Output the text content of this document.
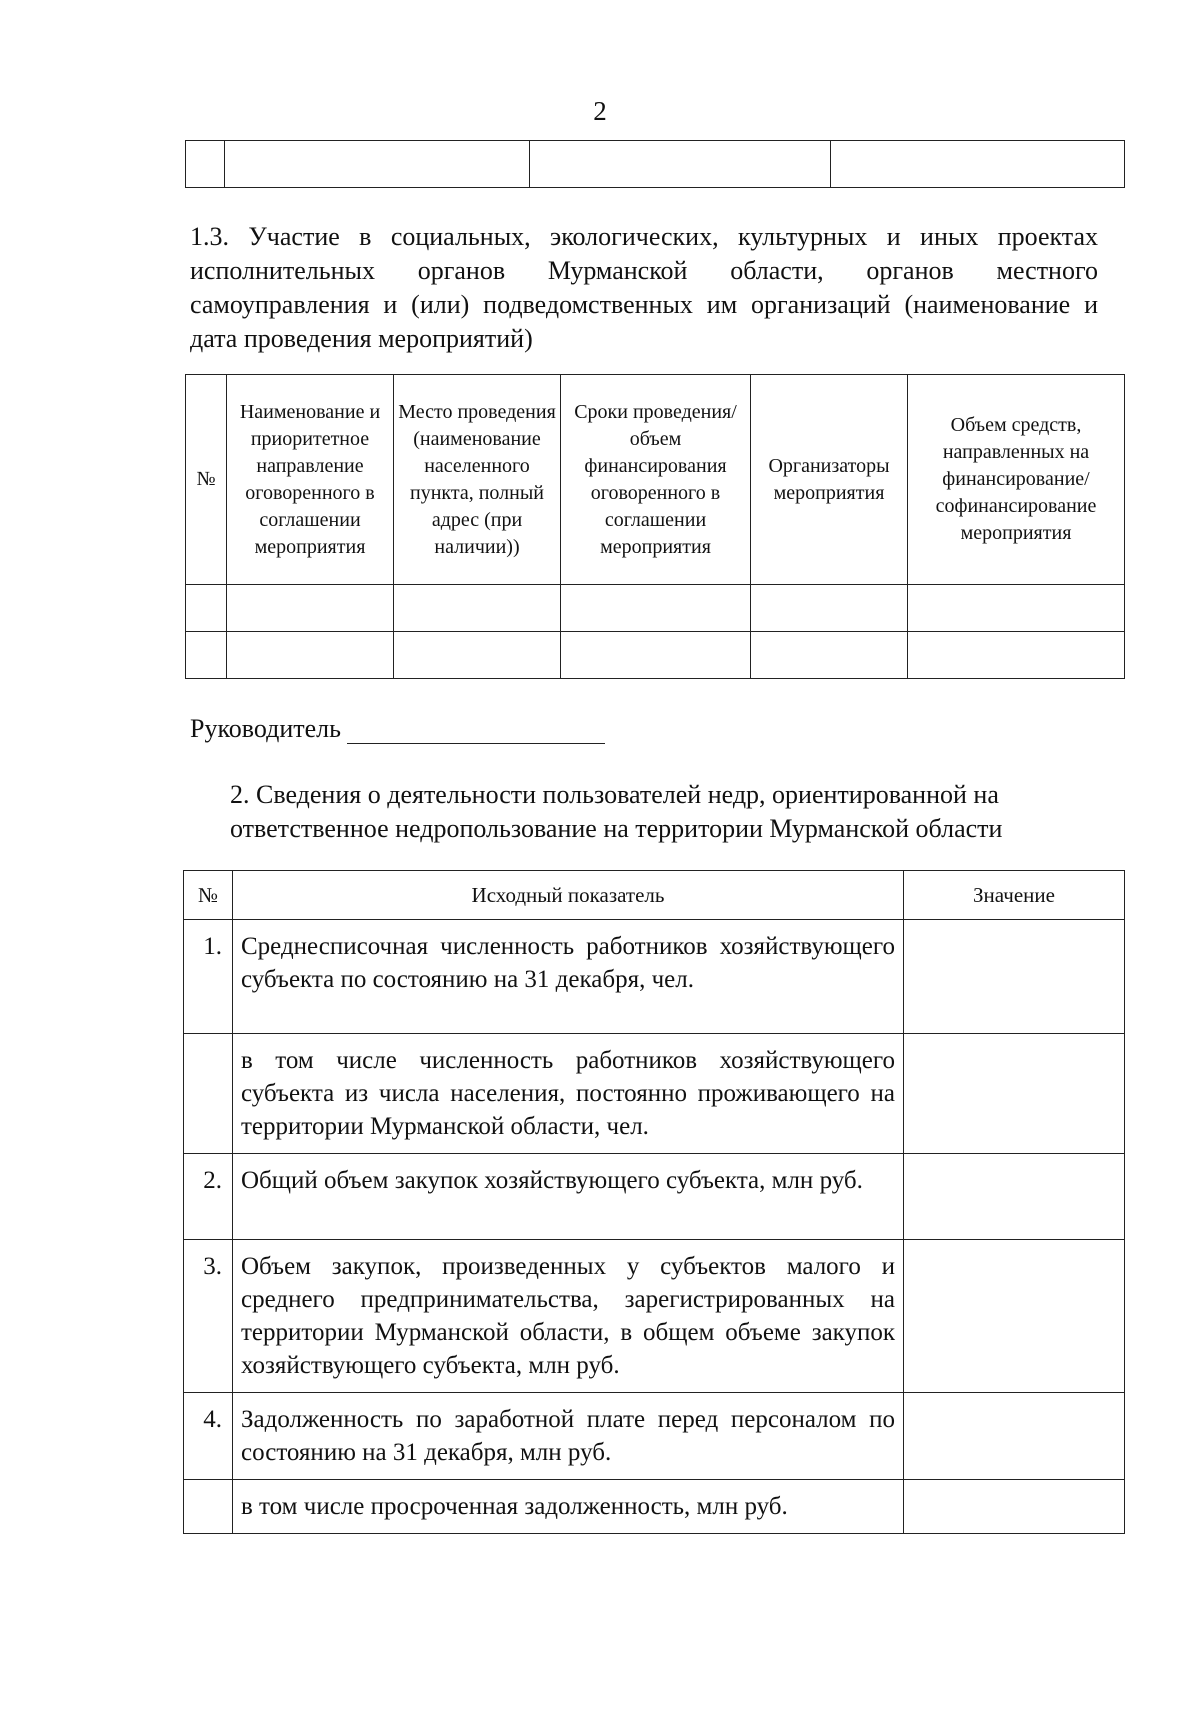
2

1.3. Участие в социальных, экологических, культурных и иных проектах исполнительных органов Мурманской области, органов местного самоуправления и (или) подведомственных им организаций (наименование и дата проведения мероприятий)

№	Наименование и приоритетное направление оговоренного в соглашении мероприятия	Место проведения (наименование населенного пункта, полный адрес (при наличии))	Сроки проведения/ объем финансирования оговоренного в соглашении мероприятия	Организаторы мероприятия	Объем средств, направленных на финансирование/ софинансирование мероприятия

Руководитель

2. Сведения о деятельности пользователей недр, ориентированной на ответственное недропользование на территории Мурманской области

№	Исходный показатель	Значение
1.	Среднесписочная численность работников хозяйствующего субъекта по состоянию на 31 декабря, чел.	
	в том числе численность работников хозяйствующего субъекта из числа населения, постоянно проживающего на территории Мурманской области, чел.	
2.	Общий объем закупок хозяйствующего субъекта, млн руб.	
3.	Объем закупок, произведенных у субъектов малого и среднего предпринимательства, зарегистрированных на территории Мурманской области, в общем объеме закупок хозяйствующего субъекта, млн руб.	
4.	Задолженность по заработной плате перед персоналом по состоянию на 31 декабря, млн руб.	
	в том числе просроченная задолженность, млн руб.	
